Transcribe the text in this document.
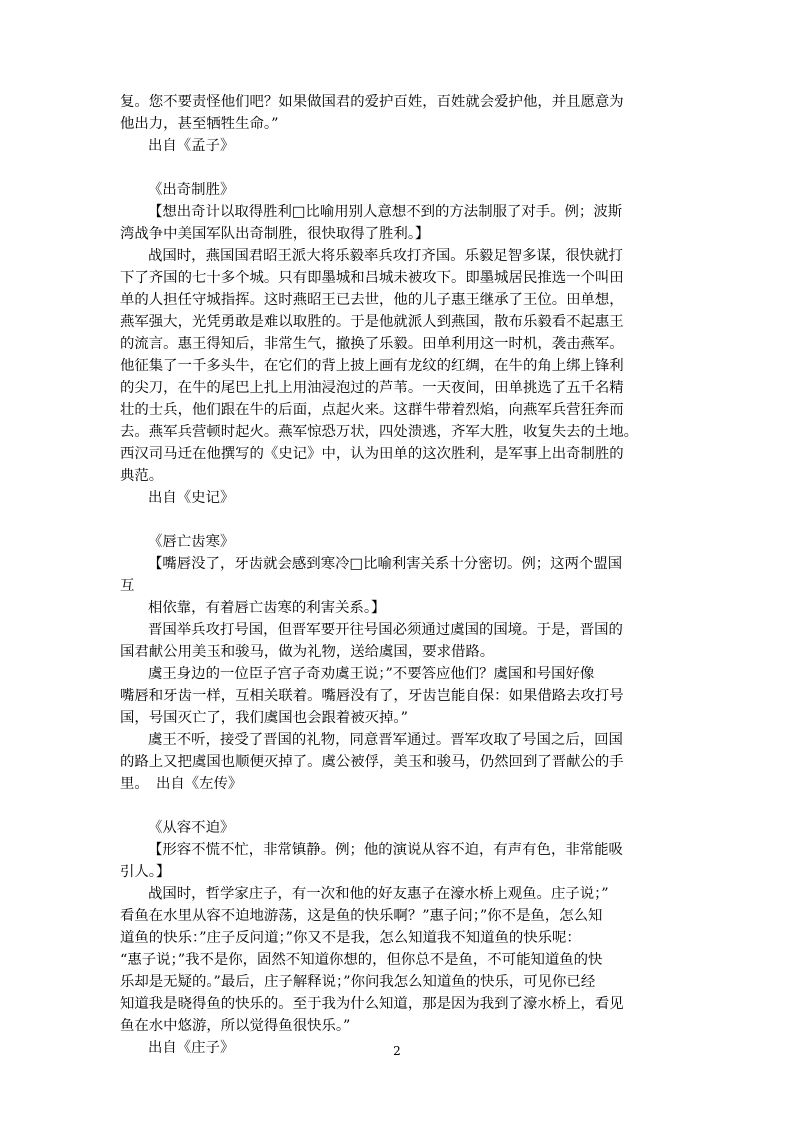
复。您不要责怪他们吧？如果做国君的爱护百姓，百姓就会爱护他，并且愿意为
他出力，甚至牺牲生命。”
出自《孟子》
《出奇制胜》
【想出奇计以取得胜利□比喻用别人意想不到的方法制服了对手。例；波斯
湾战争中美国军队出奇制胜，很快取得了胜利。】
战国时，燕国国君昭王派大将乐毅率兵攻打齐国。乐毅足智多谋，很快就打
下了齐国的七十多个城。只有即墨城和吕城未被攻下。即墨城居民推选一个叫田
单的人担任守城指挥。这时燕昭王已去世，他的儿子惠王继承了王位。田单想，
燕军强大，光凭勇敢是难以取胜的。于是他就派人到燕国，散布乐毅看不起惠王
的流言。惠王得知后，非常生气，撤换了乐毅。田单利用这一时机，袭击燕军。
他征集了一千多头牛，在它们的背上披上画有龙纹的红绸，在牛的角上绑上锋利
的尖刀，在牛的尾巴上扎上用油浸泡过的芦苇。一天夜间，田单挑选了五千名精
壮的士兵，他们跟在牛的后面，点起火来。这群牛带着烈焰，向燕军兵营狂奔而
去。燕军兵营顿时起火。燕军惊恐万状，四处溃逃，齐军大胜，收复失去的土地。
西汉司马迁在他撰写的《史记》中，认为田单的这次胜利，是军事上出奇制胜的
典范。
出自《史记》
《唇亡齿寒》
【嘴唇没了，牙齿就会感到寒冷□比喻利害关系十分密切。例；这两个盟国
互
相依靠，有着唇亡齿寒的利害关系。】
晋国举兵攻打号国，但晋军要开往号国必须通过虞国的国境。于是，晋国的
国君献公用美玉和骏马，做为礼物，送给虞国，要求借路。
虞王身边的一位臣子宫子奇劝虞王说；”不要答应他们？虞国和号国好像
嘴唇和牙齿一样，互相关联着。嘴唇没有了，牙齿岂能自保：如果借路去攻打号
国，号国灭亡了，我们虞国也会跟着被灭掉。”
虞王不听，接受了晋国的礼物，同意晋军通过。晋军攻取了号国之后，回国
的路上又把虞国也顺便灭掉了。虞公被俘，美玉和骏马，仍然回到了晋献公的手
里。　出自《左传》
《从容不迫》
【形容不慌不忙，非常镇静。例；他的演说从容不迫，有声有色，非常能吸
引人。】
战国时，哲学家庄子，有一次和他的好友惠子在濠水桥上观鱼。庄子说；”
看鱼在水里从容不迫地游荡，这是鱼的快乐啊？”惠子问；”你不是鱼，怎么知
道鱼的快乐：”庄子反问道；”你又不是我，怎么知道我不知道鱼的快乐呢：
“惠子说；”我不是你，固然不知道你想的，但你总不是鱼，不可能知道鱼的快
乐却是无疑的。”最后，庄子解释说；”你问我怎么知道鱼的快乐，可见你已经
知道我是晓得鱼的快乐的。至于我为什么知道，那是因为我到了濠水桥上，看见
鱼在水中悠游，所以觉得鱼很快乐。”
出自《庄子》	2
